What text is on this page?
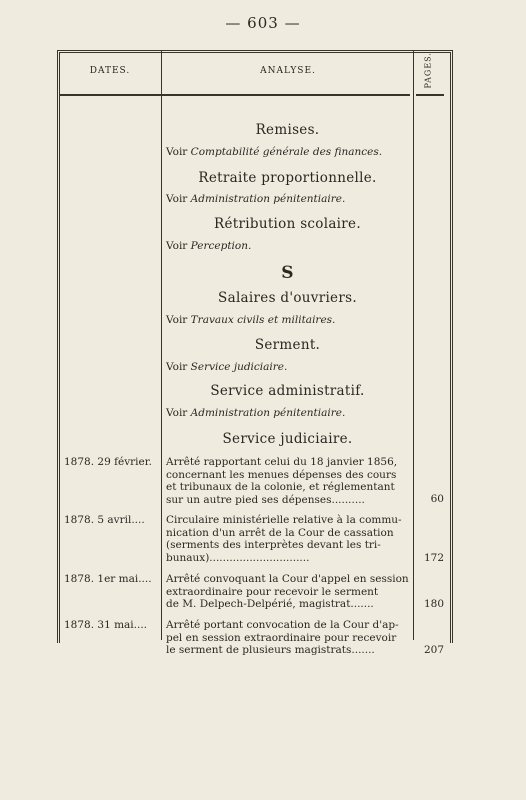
— 603 —
DATES.	ANALYSE.	PAGES.
Remises.
Voir Comptabilité générale des finances.
Retraite proportionnelle.
Voir Administration pénitentiaire.
Rétribution scolaire.
Voir Perception.
S
Salaires d'ouvriers.
Voir Travaux civils et militaires.
Serment.
Voir Service judiciaire.
Service administratif.
Voir Administration pénitentiaire.
Service judiciaire.
1878. 29 février.	Arrêté rapportant celui du 18 janvier 1856,
concernant les menues dépenses des cours
et tribunaux de la colonie, et réglementant
sur un autre pied ses dépenses..........	60
1878. 5 avril....	Circulaire ministérielle relative à la commu-
nication d'un arrêt de la Cour de cassation
(serments des interprètes devant les tri-
bunaux)..............................	172
1878. 1er mai....	Arrêté convoquant la Cour d'appel en session
extraordinaire pour recevoir le serment
de M. Delpech-Delpérié, magistrat.......	180
1878. 31 mai....	Arrêté portant convocation de la Cour d'ap-
pel en session extraordinaire pour recevoir
le serment de plusieurs magistrats.......	207
